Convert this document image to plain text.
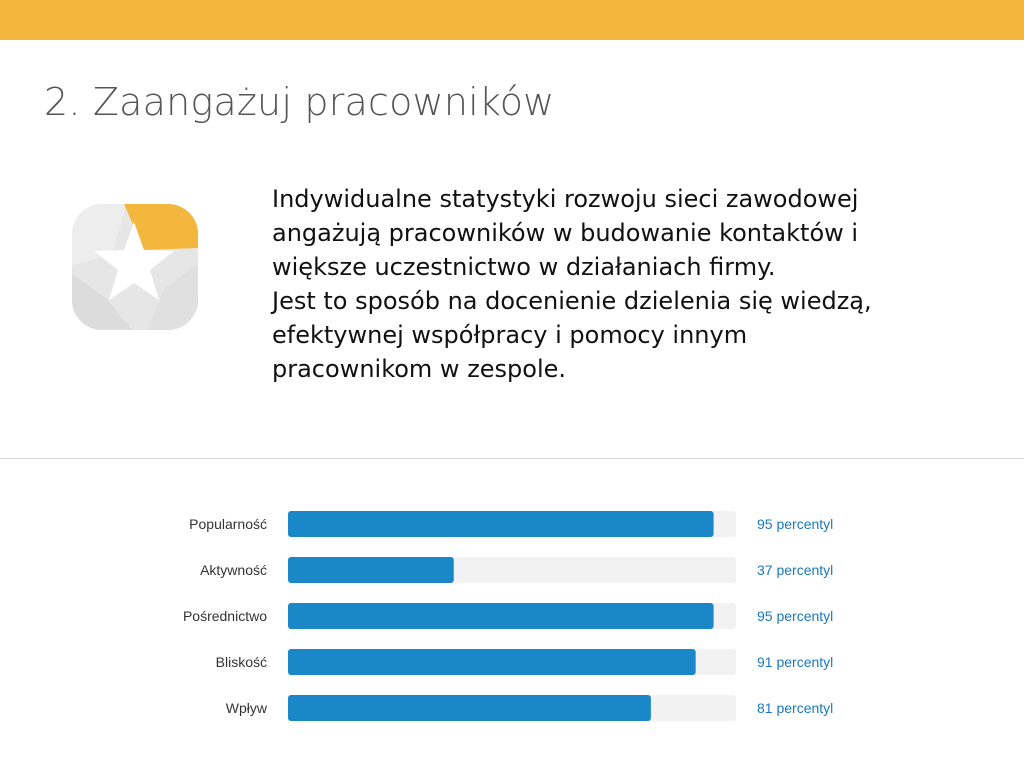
2. Zaangażuj pracowników

Indywidualne statystyki rozwoju sieci zawodowej

angażują pracowników w budowanie kontaktów i

większe uczestnictwo w działaniach firmy.

Jest to sposób na docenienie dzielenia się wiedzą,

efektywnej współpracy i pomocy innym

pracownikom w zespole.

Popularność	95 percentyl
Aktywność	37 percentyl
Pośrednictwo	95 percentyl
Bliskość	91 percentyl
Wpływ	81 percentyl
